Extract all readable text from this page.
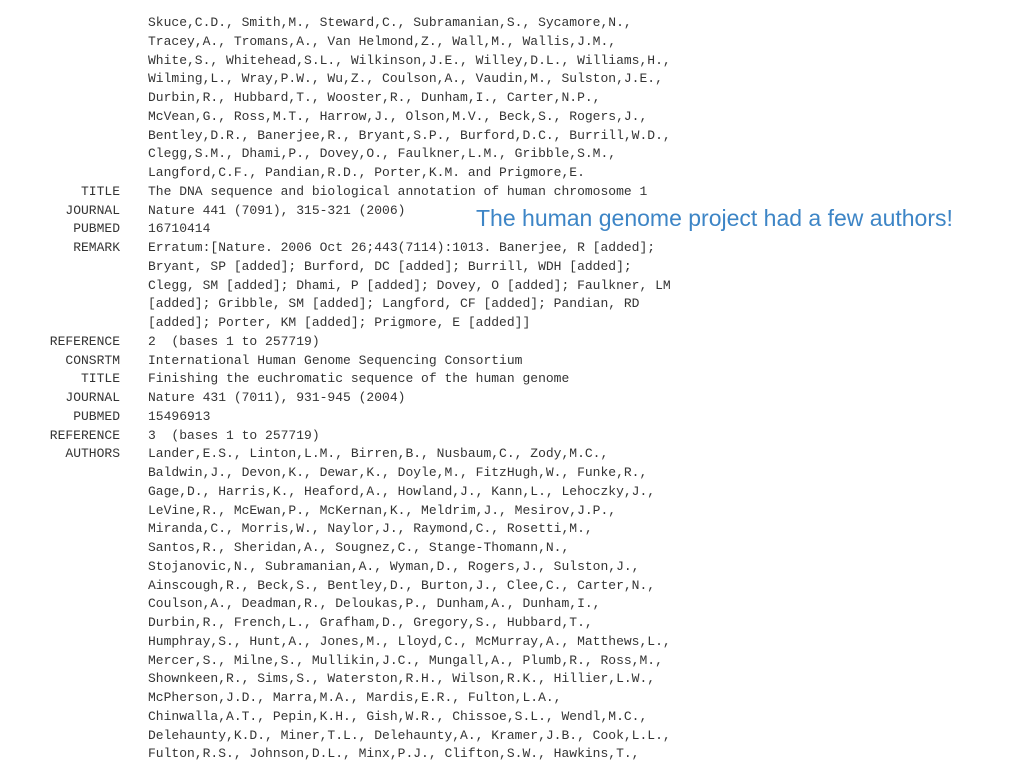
Skuce,C.D., Smith,M., Steward,C., Subramanian,S., Sycamore,N.,
Tracey,A., Tromans,A., Van Helmond,Z., Wall,M., Wallis,J.M.,
White,S., Whitehead,S.L., Wilkinson,J.E., Willey,D.L., Williams,H.,
Wilming,L., Wray,P.W., Wu,Z., Coulson,A., Vaudin,M., Sulston,J.E.,
Durbin,R., Hubbard,T., Wooster,R., Dunham,I., Carter,N.P.,
McVean,G., Ross,M.T., Harrow,J., Olson,M.V., Beck,S., Rogers,J.,
Bentley,D.R., Banerjee,R., Bryant,S.P., Burford,D.C., Burrill,W.D.,
Clegg,S.M., Dhami,P., Dovey,O., Faulkner,L.M., Gribble,S.M.,
Langford,C.F., Pandian,R.D., Porter,K.M. and Prigmore,E.
TITLE The DNA sequence and biological annotation of human chromosome 1
JOURNAL Nature 441 (7091), 315-321 (2006)
PUBMED 16710414
REMARK Erratum:[Nature. 2006 Oct 26;443(7114):1013. Banerjee, R [added];
Bryant, SP [added]; Burford, DC [added]; Burrill, WDH [added];
Clegg, SM [added]; Dhami, P [added]; Dovey, O [added]; Faulkner, LM
[added]; Gribble, SM [added]; Langford, CF [added]; Pandian, RD
[added]; Porter, KM [added]; Prigmore, E [added]]
REFERENCE 2  (bases 1 to 257719)
CONSRTM International Human Genome Sequencing Consortium
TITLE Finishing the euchromatic sequence of the human genome
JOURNAL Nature 431 (7011), 931-945 (2004)
PUBMED 15496913
REFERENCE 3  (bases 1 to 257719)
AUTHORS Lander,E.S., Linton,L.M., Birren,B., Nusbaum,C., Zody,M.C.,
Baldwin,J., Devon,K., Dewar,K., Doyle,M., FitzHugh,W., Funke,R.,
Gage,D., Harris,K., Heaford,A., Howland,J., Kann,L., Lehoczky,J.,
LeVine,R., McEwan,P., McKernan,K., Meldrim,J., Mesirov,J.P.,
Miranda,C., Morris,W., Naylor,J., Raymond,C., Rosetti,M.,
Santos,R., Sheridan,A., Sougnez,C., Stange-Thomann,N.,
Stojanovic,N., Subramanian,A., Wyman,D., Rogers,J., Sulston,J.,
Ainscough,R., Beck,S., Bentley,D., Burton,J., Clee,C., Carter,N.,
Coulson,A., Deadman,R., Deloukas,P., Dunham,A., Dunham,I.,
Durbin,R., French,L., Grafham,D., Gregory,S., Hubbard,T.,
Humphray,S., Hunt,A., Jones,M., Lloyd,C., McMurray,A., Matthews,L.,
Mercer,S., Milne,S., Mullikin,J.C., Mungall,A., Plumb,R., Ross,M.,
Shownkeen,R., Sims,S., Waterston,R.H., Wilson,R.K., Hillier,L.W.,
McPherson,J.D., Marra,M.A., Mardis,E.R., Fulton,L.A.,
Chinwalla,A.T., Pepin,K.H., Gish,W.R., Chissoe,S.L., Wendl,M.C.,
Delehaunty,K.D., Miner,T.L., Delehaunty,A., Kramer,J.B., Cook,L.L.,
Fulton,R.S., Johnson,D.L., Minx,P.J., Clifton,S.W., Hawkins,T.,
The human genome project had a few authors!
